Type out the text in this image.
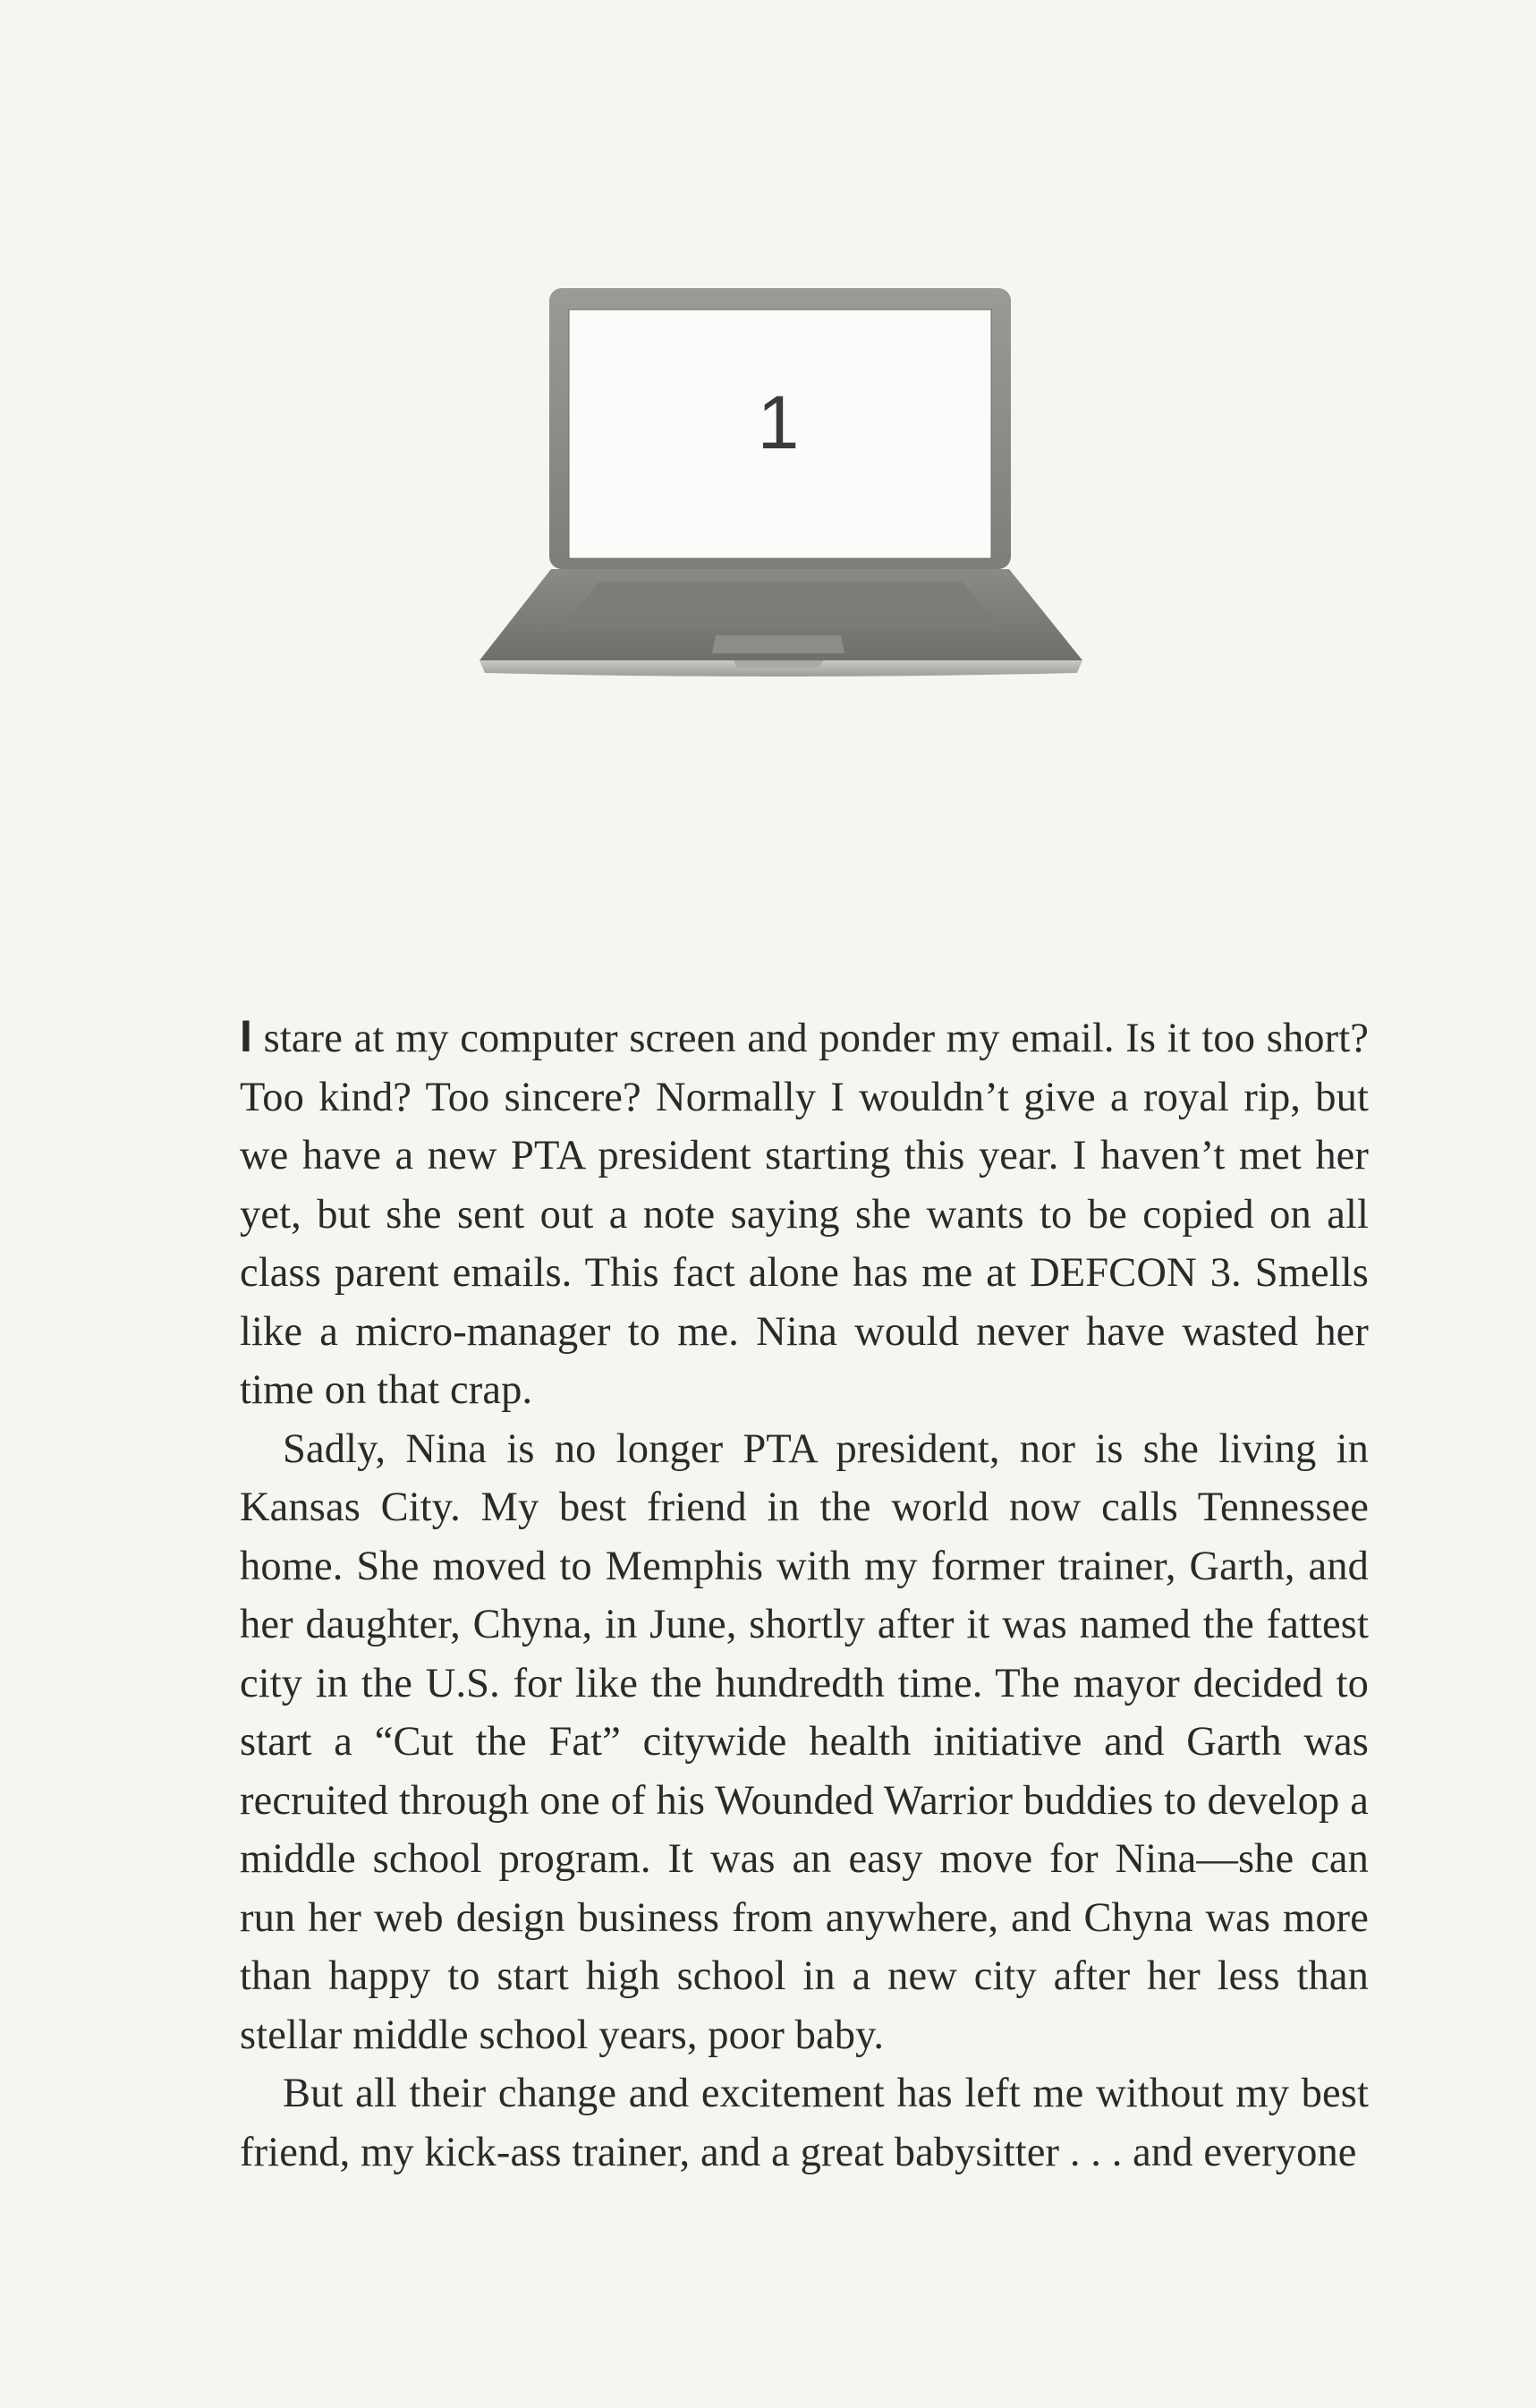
1

I stare at my computer screen and ponder my email. Is it too short? Too kind? Too sincere? Normally I wouldn’t give a royal rip, but we have a new PTA president starting this year. I haven’t met her yet, but she sent out a note saying she wants to be copied on all class parent emails. This fact alone has me at DEFCON 3. Smells like a micro-manager to me. Nina would never have wasted her time on that crap.

Sadly, Nina is no longer PTA president, nor is she living in Kansas City. My best friend in the world now calls Tennessee home. She moved to Memphis with my former trainer, Garth, and her daughter, Chyna, in June, shortly after it was named the fattest city in the U.S. for like the hundredth time. The mayor decided to start a “Cut the Fat” citywide health initiative and Garth was recruited through one of his Wounded Warrior buddies to develop a middle school program. It was an easy move for Nina—she can run her web design business from anywhere, and Chyna was more than happy to start high school in a new city after her less than stellar middle school years, poor baby.

But all their change and excitement has left me without my best friend, my kick-ass trainer, and a great babysitter . . . and everyone
